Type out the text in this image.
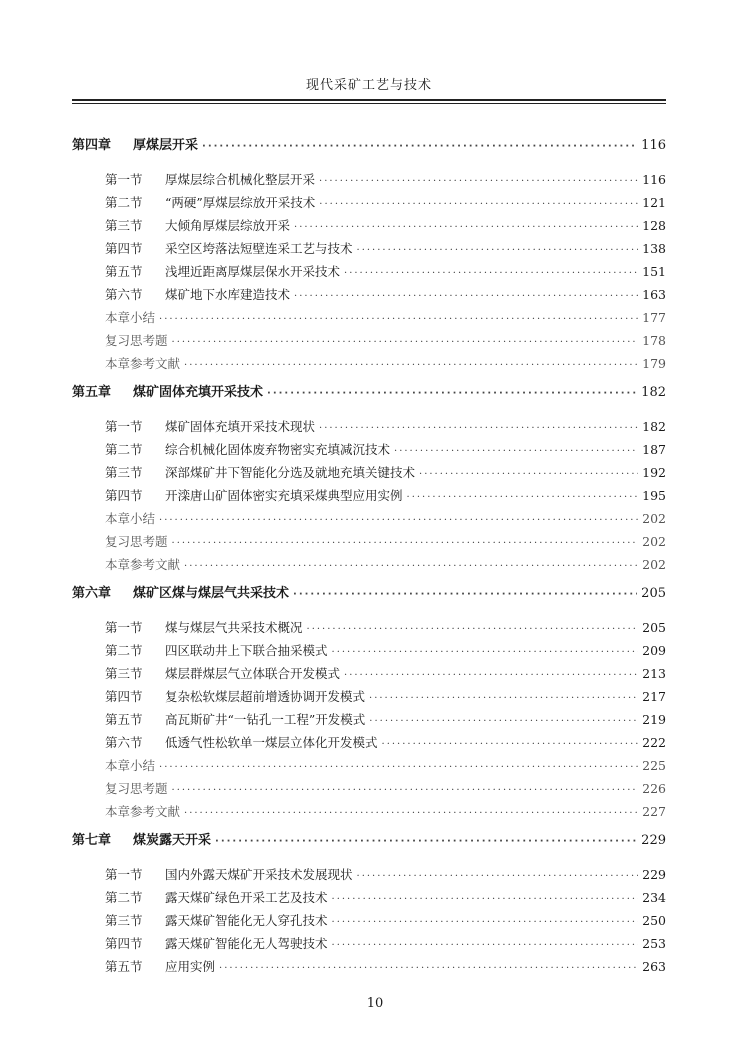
现代采矿工艺与技术
第四章	厚煤层开采 ·····	116
第一节	厚煤层综合机械化整层开采 ·····	116
第二节	“两硬”厚煤层综放开采技术 ·····	121
第三节	大倾角厚煤层综放开采 ·····	128
第四节	采空区垮落法短壁连采工艺与技术 ·····	138
第五节	浅埋近距离厚煤层保水开采技术 ·····	151
第六节	煤矿地下水库建造技术 ·····	163
本章小结 ·····	177
复习思考题 ·····	178
本章参考文献 ·····	179
第五章	煤矿固体充填开采技术 ·····	182
第一节	煤矿固体充填开采技术现状 ·····	182
第二节	综合机械化固体废弃物密实充填减沉技术 ·····	187
第三节	深部煤矿井下智能化分选及就地充填关键技术 ·····	192
第四节	开滦唐山矿固体密实充填采煤典型应用实例 ·····	195
本章小结 ·····	202
复习思考题 ·····	202
本章参考文献 ·····	202
第六章	煤矿区煤与煤层气共采技术 ·····	205
第一节	煤与煤层气共采技术概况 ·····	205
第二节	四区联动井上下联合抽采模式 ·····	209
第三节	煤层群煤层气立体联合开发模式 ·····	213
第四节	复杂松软煤层超前增透协调开发模式 ·····	217
第五节	高瓦斯矿井“一钻孔一工程”开发模式 ·····	219
第六节	低透气性松软单一煤层立体化开发模式 ·····	222
本章小结 ·····	225
复习思考题 ·····	226
本章参考文献 ·····	227
第七章	煤炭露天开采 ·····	229
第一节	国内外露天煤矿开采技术发展现状 ·····	229
第二节	露天煤矿绿色开采工艺及技术 ·····	234
第三节	露天煤矿智能化无人穿孔技术 ·····	250
第四节	露天煤矿智能化无人驾驶技术 ·····	253
第五节	应用实例 ·····	263
10
